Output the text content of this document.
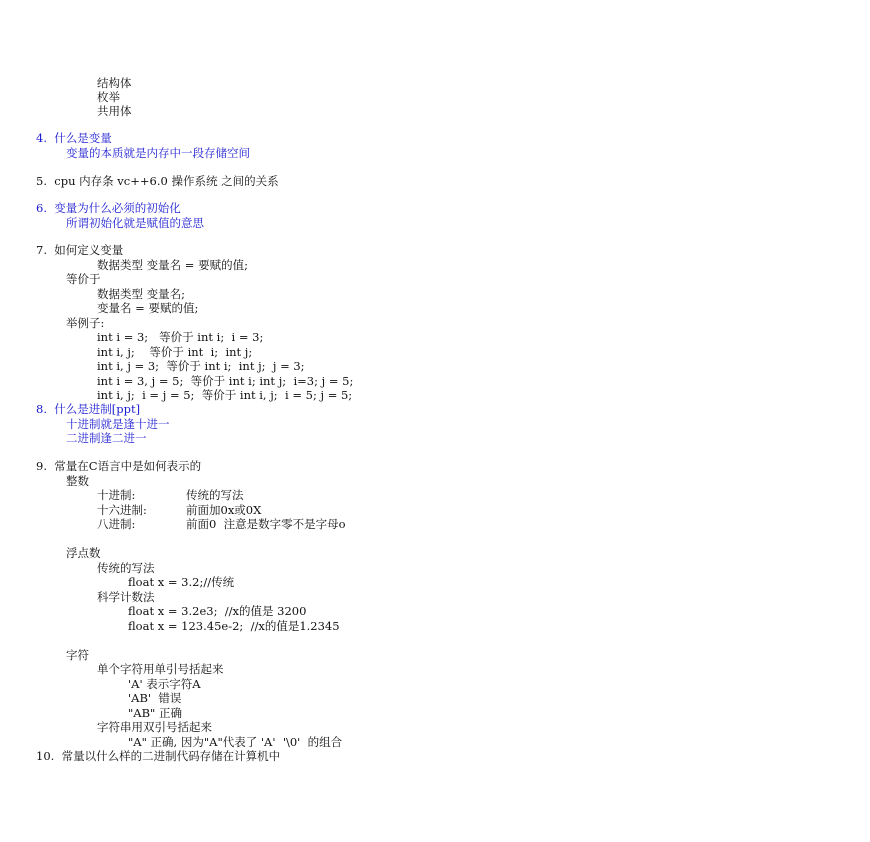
结构体
枚举
共用体
4.  什么是变量
变量的本质就是内存中一段存储空间
5.  cpu 内存条 vc++6.0 操作系统 之间的关系
6.  变量为什么必须的初始化
所谓初始化就是赋值的意思
7.  如何定义变量
数据类型 变量名 = 要赋的值;
等价于
数据类型 变量名;
变量名 = 要赋的值;
举例子:
int i = 3;   等价于 int i;  i = 3;
int i, j;    等价于 int  i;  int j;
int i, j = 3;  等价于 int i;  int j;  j = 3;
int i = 3, j = 5;  等价于 int i; int j;  i=3; j = 5;
int i, j;  i = j = 5;  等价于 int i, j;  i = 5; j = 5;
8.  什么是进制[ppt]
十进制就是逢十进一
二进制逢二进一
9.  常量在C语言中是如何表示的
整数
十进制:	传统的写法
十六进制:	前面加0x或0X
八进制:	前面0  注意是数字零不是字母o
浮点数
传统的写法
float x = 3.2;//传统
科学计数法
float x = 3.2e3;  //x的值是 3200
float x = 123.45e-2;  //x的值是1.2345
字符
单个字符用单引号括起来
'A' 表示字符A
'AB'  错误
"AB" 正确
字符串用双引号括起来
"A" 正确, 因为"A"代表了 'A'  '\0'  的组合
10.  常量以什么样的二进制代码存储在计算机中
